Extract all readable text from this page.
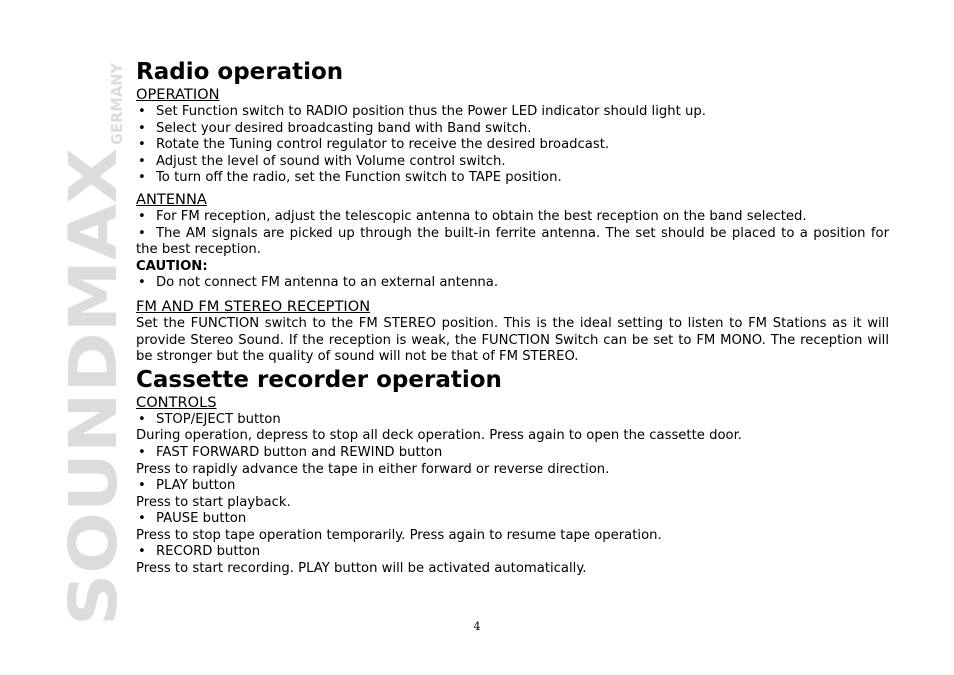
SOUNDMAX
GERMANY Radio operation
OPERATION
• Set Function switch to RADIO position thus the Power LED indicator should light up.
• Select your desired broadcasting band with Band switch.
• Rotate the Tuning control regulator to receive the desired broadcast.
• Adjust the level of sound with Volume control switch.
• To turn off the radio, set the Function switch to TAPE position.
ANTENNA
• For FM reception, adjust the telescopic antenna to obtain the best reception on the band selected.
• The AM signals are picked up through the built-in ferrite antenna. The set should be placed to a position for the best reception.
CAUTION:
• Do not connect FM antenna to an external antenna.
FM AND FM STEREO RECEPTION

Set the FUNCTION switch to the FM STEREO position. This is the ideal setting to listen to FM Stations as it will provide Stereo Sound. If the reception is weak, the FUNCTION Switch can be set to FM MONO. The reception will be stronger but the quality of sound will not be that of FM STEREO.

Cassette recorder operation
CONTROLS
• STOP/EJECT button

During operation, depress to stop all deck operation. Press again to open the cassette door.

• FAST FORWARD button and REWIND button

Press to rapidly advance the tape in either forward or reverse direction.

• PLAY button

Press to start playback.

• PAUSE button

Press to stop tape operation temporarily. Press again to resume tape operation.

• RECORD button

Press to start recording. PLAY button will be activated automatically.

4
